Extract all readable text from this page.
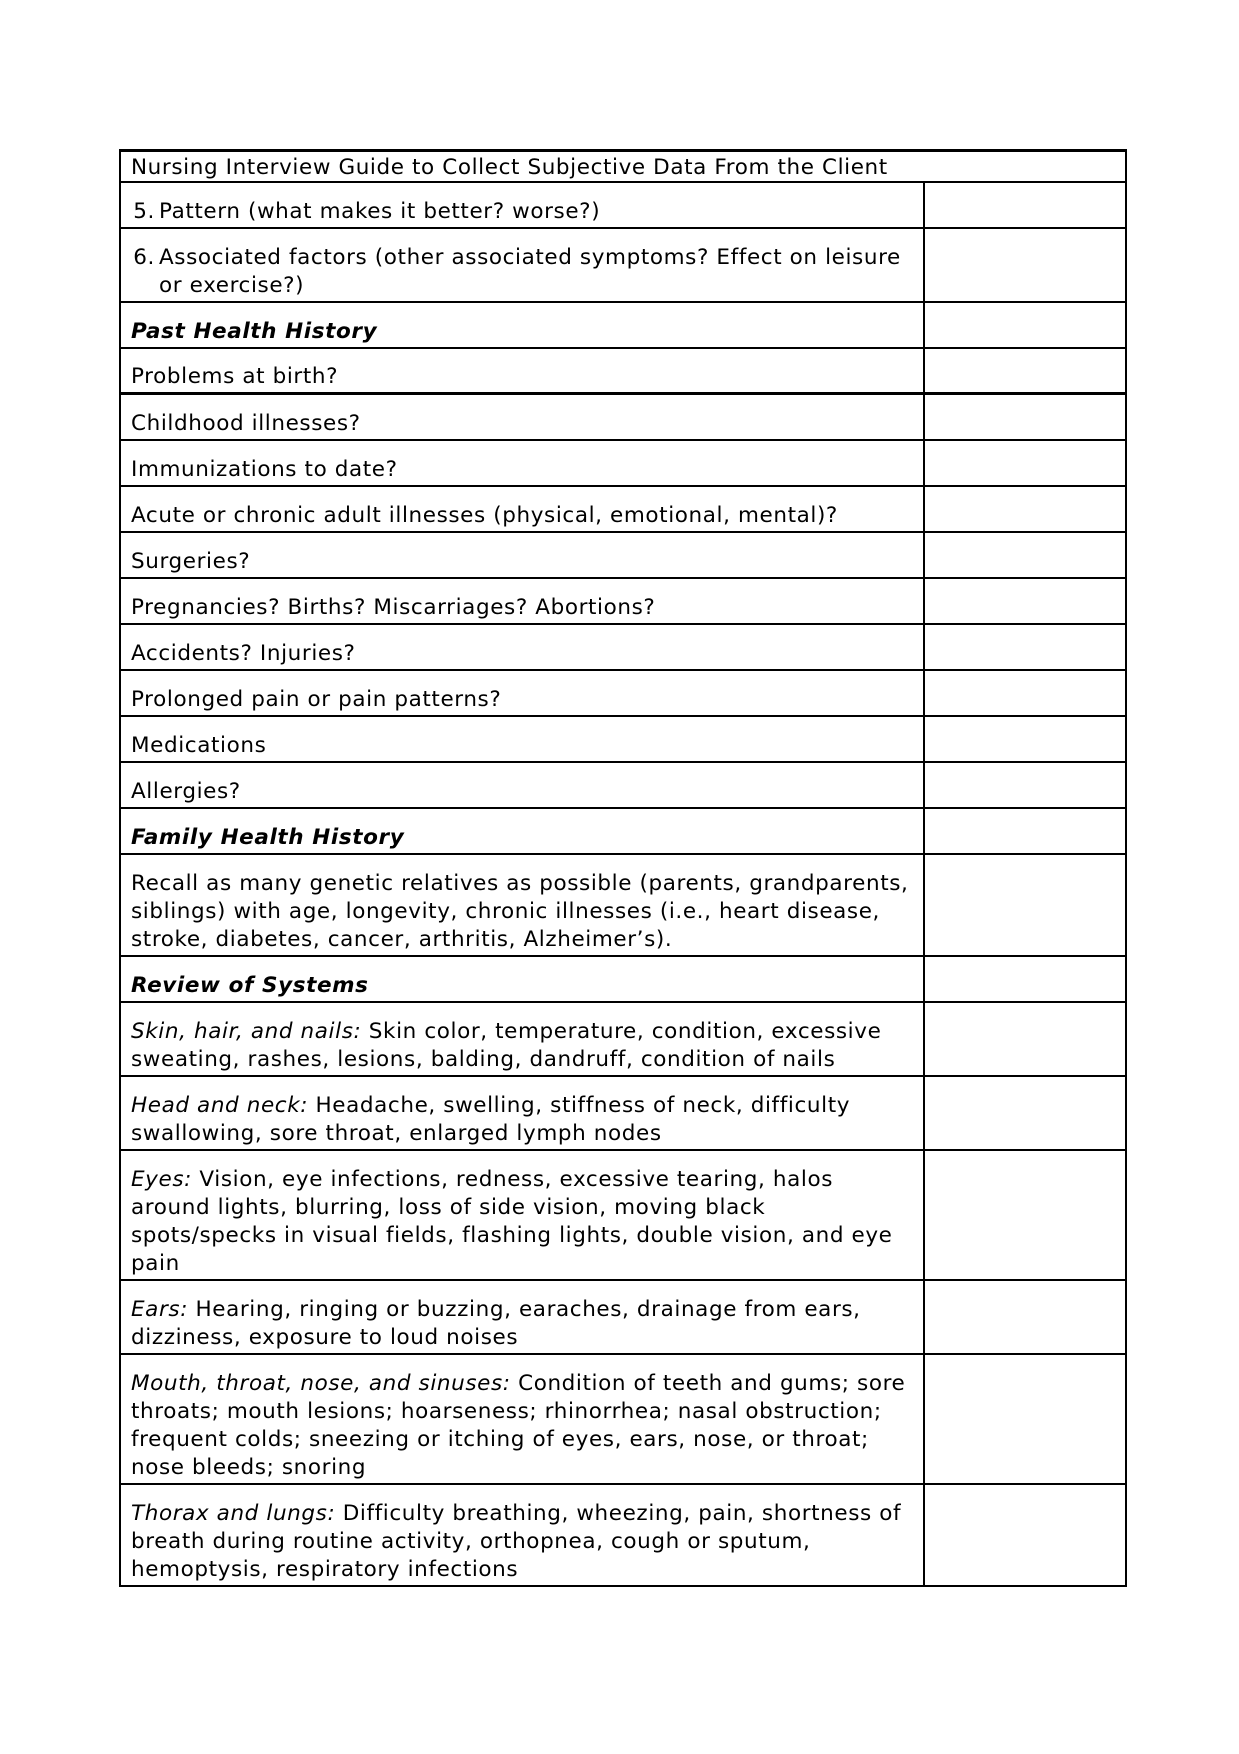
Nursing Interview Guide to Collect Subjective Data From the Client	

5. Pattern (what makes it better? worse?)	

6. Associated factors (other associated symptoms? Effect on leisure or exercise?)	

Past Health History	
Problems at birth?	
Childhood illnesses?	
Immunizations to date?	
Acute or chronic adult illnesses (physical, emotional, mental)?	
Surgeries?	
Pregnancies? Births? Miscarriages? Abortions?	
Accidents? Injuries?	
Prolonged pain or pain patterns?	
Medications	
Allergies?	
Family Health History	
Recall as many genetic relatives as possible (parents, grandparents, siblings) with age, longevity, chronic illnesses (i.e., heart disease, stroke, diabetes, cancer, arthritis, Alzheimer’s).	
Review of Systems	
Skin, hair, and nails: Skin color, temperature, condition, excessive sweating, rashes, lesions, balding, dandruff, condition of nails	
Head and neck: Headache, swelling, stiffness of neck, difficulty swallowing, sore throat, enlarged lymph nodes	
Eyes: Vision, eye infections, redness, excessive tearing, halos around lights, blurring, loss of side vision, moving black spots/specks in visual fields, flashing lights, double vision, and eye pain	
Ears: Hearing, ringing or buzzing, earaches, drainage from ears, dizziness, exposure to loud noises	
Mouth, throat, nose, and sinuses: Condition of teeth and gums; sore throats; mouth lesions; hoarseness; rhinorrhea; nasal obstruction; frequent colds; sneezing or itching of eyes, ears, nose, or throat; nose bleeds; snoring	
Thorax and lungs: Difficulty breathing, wheezing, pain, shortness of breath during routine activity, orthopnea, cough or sputum, hemoptysis, respiratory infections	
